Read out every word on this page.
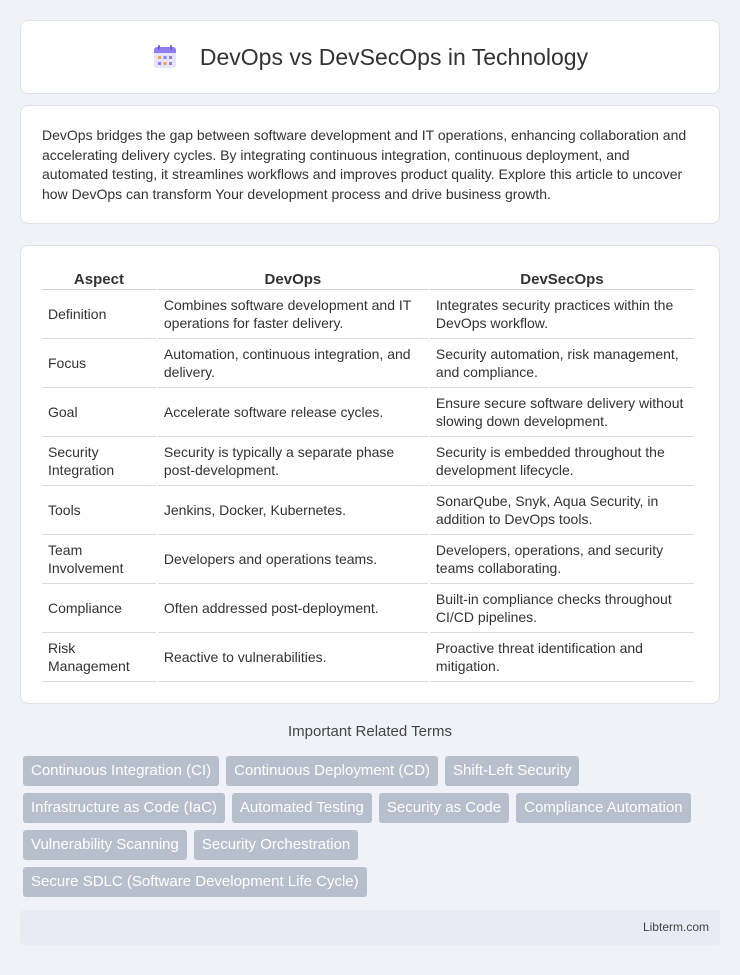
DevOps vs DevSecOps in Technology

DevOps bridges the gap between software development and IT operations, enhancing collaboration and accelerating delivery cycles. By integrating continuous integration, continuous deployment, and automated testing, it streamlines workflows and improves product quality. Explore this article to uncover how DevOps can transform Your development process and drive business growth.

Aspect	DevOps	DevSecOps
Definition	Combines software development and IT operations for faster delivery.	Integrates security practices within the DevOps workflow.
Focus	Automation, continuous integration, and delivery.	Security automation, risk management, and compliance.
Goal	Accelerate software release cycles.	Ensure secure software delivery without slowing down development.
Security Integration	Security is typically a separate phase post-development.	Security is embedded throughout the development lifecycle.
Tools	Jenkins, Docker, Kubernetes.	SonarQube, Snyk, Aqua Security, in addition to DevOps tools.
Team Involvement	Developers and operations teams.	Developers, operations, and security teams collaborating.
Compliance	Often addressed post-deployment.	Built-in compliance checks throughout CI/CD pipelines.
Risk Management	Reactive to vulnerabilities.	Proactive threat identification and mitigation.
Important Related Terms
Continuous Integration (CI)	Continuous Deployment (CD)	Shift-Left Security
Infrastructure as Code (IaC)	Automated Testing	Security as Code	Compliance Automation
Vulnerability Scanning	Security Orchestration
Secure SDLC (Software Development Life Cycle)
Libterm.com
